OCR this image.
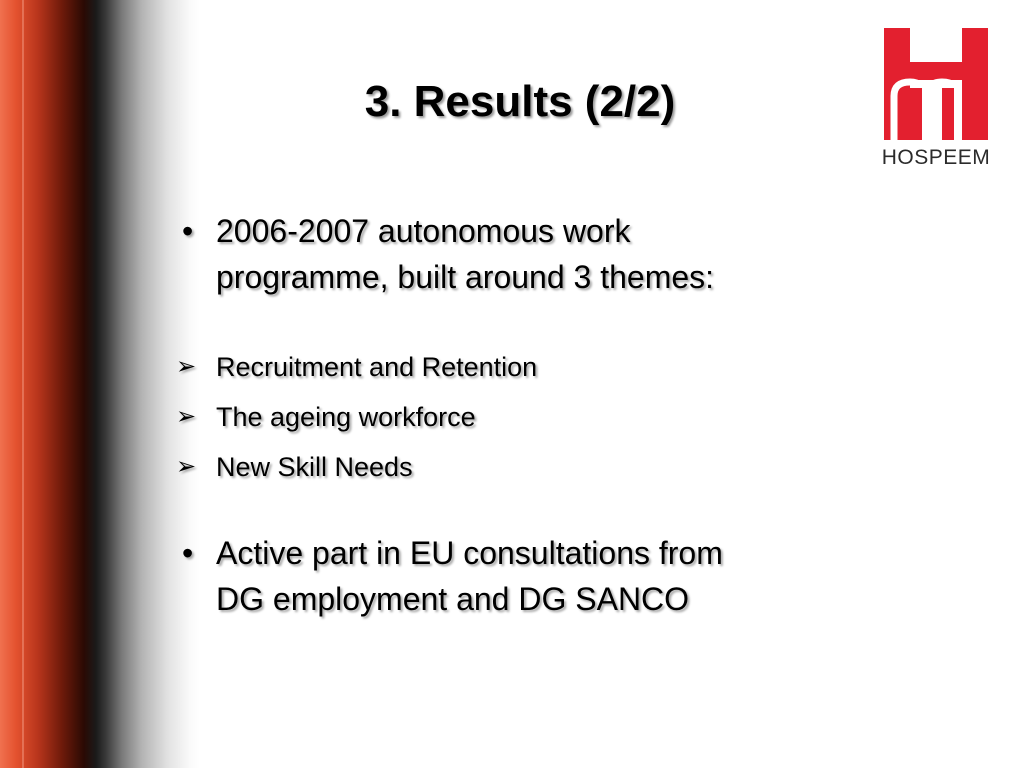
HOSPEEM
3. Results (2/2)
• 2006-2007 autonomous work
programme, built around 3 themes:
➢ Recruitment and Retention
➢ The ageing workforce
➢ New Skill Needs
• Active part in EU consultations from
DG employment and DG SANCO
